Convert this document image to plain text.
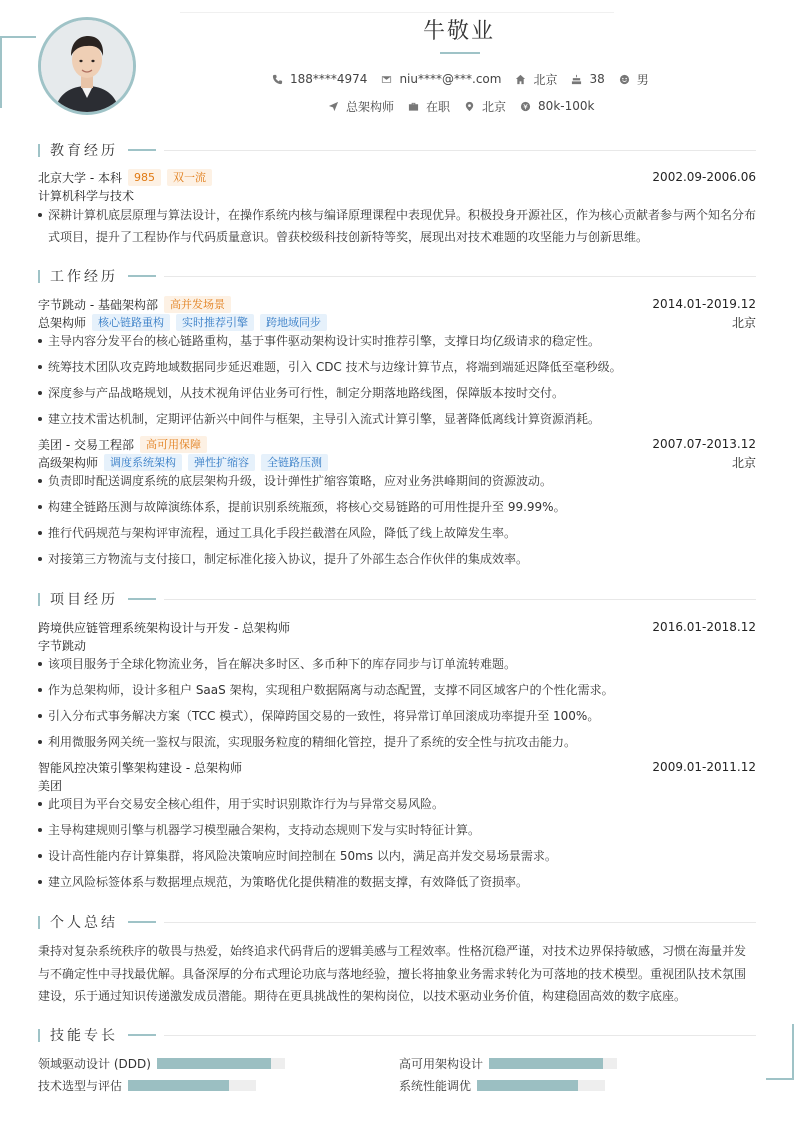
牛敬业
188****4974	niu****@***.com	北京	38	男
总架构师	在职	北京	80k-100k
教育经历
北京大学 - 本科	985	双一流	2002.09-2006.06
计算机科学与技术
深耕计算机底层原理与算法设计，在操作系统内核与编译原理课程中表现优异。积极投身开源社区，作为核心贡献者参与两个知名分布式项目，提升了工程协作与代码质量意识。曾获校级科技创新特等奖，展现出对技术难题的攻坚能力与创新思维。
工作经历
字节跳动 - 基础架构部	高并发场景	2014.01-2019.12
总架构师	核心链路重构	实时推荐引擎	跨地域同步	北京
主导内容分发平台的核心链路重构，基于事件驱动架构设计实时推荐引擎，支撑日均亿级请求的稳定性。
统筹技术团队攻克跨地域数据同步延迟难题，引入 CDC 技术与边缘计算节点，将端到端延迟降低至毫秒级。
深度参与产品战略规划，从技术视角评估业务可行性，制定分期落地路线图，保障版本按时交付。
建立技术雷达机制，定期评估新兴中间件与框架，主导引入流式计算引擎，显著降低离线计算资源消耗。
美团 - 交易工程部	高可用保障	2007.07-2013.12
高级架构师	调度系统架构	弹性扩缩容	全链路压测	北京
负责即时配送调度系统的底层架构升级，设计弹性扩缩容策略，应对业务洪峰期间的资源波动。
构建全链路压测与故障演练体系，提前识别系统瓶颈，将核心交易链路的可用性提升至 99.99%。
推行代码规范与架构评审流程，通过工具化手段拦截潜在风险，降低了线上故障发生率。
对接第三方物流与支付接口，制定标准化接入协议，提升了外部生态合作伙伴的集成效率。
项目经历
跨境供应链管理系统架构设计与开发 - 总架构师	2016.01-2018.12
字节跳动
该项目服务于全球化物流业务，旨在解决多时区、多币种下的库存同步与订单流转难题。
作为总架构师，设计多租户 SaaS 架构，实现租户数据隔离与动态配置，支撑不同区域客户的个性化需求。
引入分布式事务解决方案（TCC 模式），保障跨国交易的一致性，将异常订单回滚成功率提升至 100%。
利用微服务网关统一鉴权与限流，实现服务粒度的精细化管控，提升了系统的安全性与抗攻击能力。
智能风控决策引擎架构建设 - 总架构师	2009.01-2011.12
美团
此项目为平台交易安全核心组件，用于实时识别欺诈行为与异常交易风险。
主导构建规则引擎与机器学习模型融合架构，支持动态规则下发与实时特征计算。
设计高性能内存计算集群，将风险决策响应时间控制在 50ms 以内，满足高并发交易场景需求。
建立风险标签体系与数据埋点规范，为策略优化提供精准的数据支撑，有效降低了资损率。
个人总结

秉持对复杂系统秩序的敬畏与热爱，始终追求代码背后的逻辑美感与工程效率。性格沉稳严谨，对技术边界保持敏感，习惯在海量并发与不确定性中寻找最优解。具备深厚的分布式理论功底与落地经验，擅长将抽象业务需求转化为可落地的技术模型。重视团队技术氛围建设，乐于通过知识传递激发成员潜能。期待在更具挑战性的架构岗位，以技术驱动业务价值，构建稳固高效的数字底座。

技能专长
领域驱动设计 (DDD)	高可用架构设计
技术选型与评估	系统性能调优
